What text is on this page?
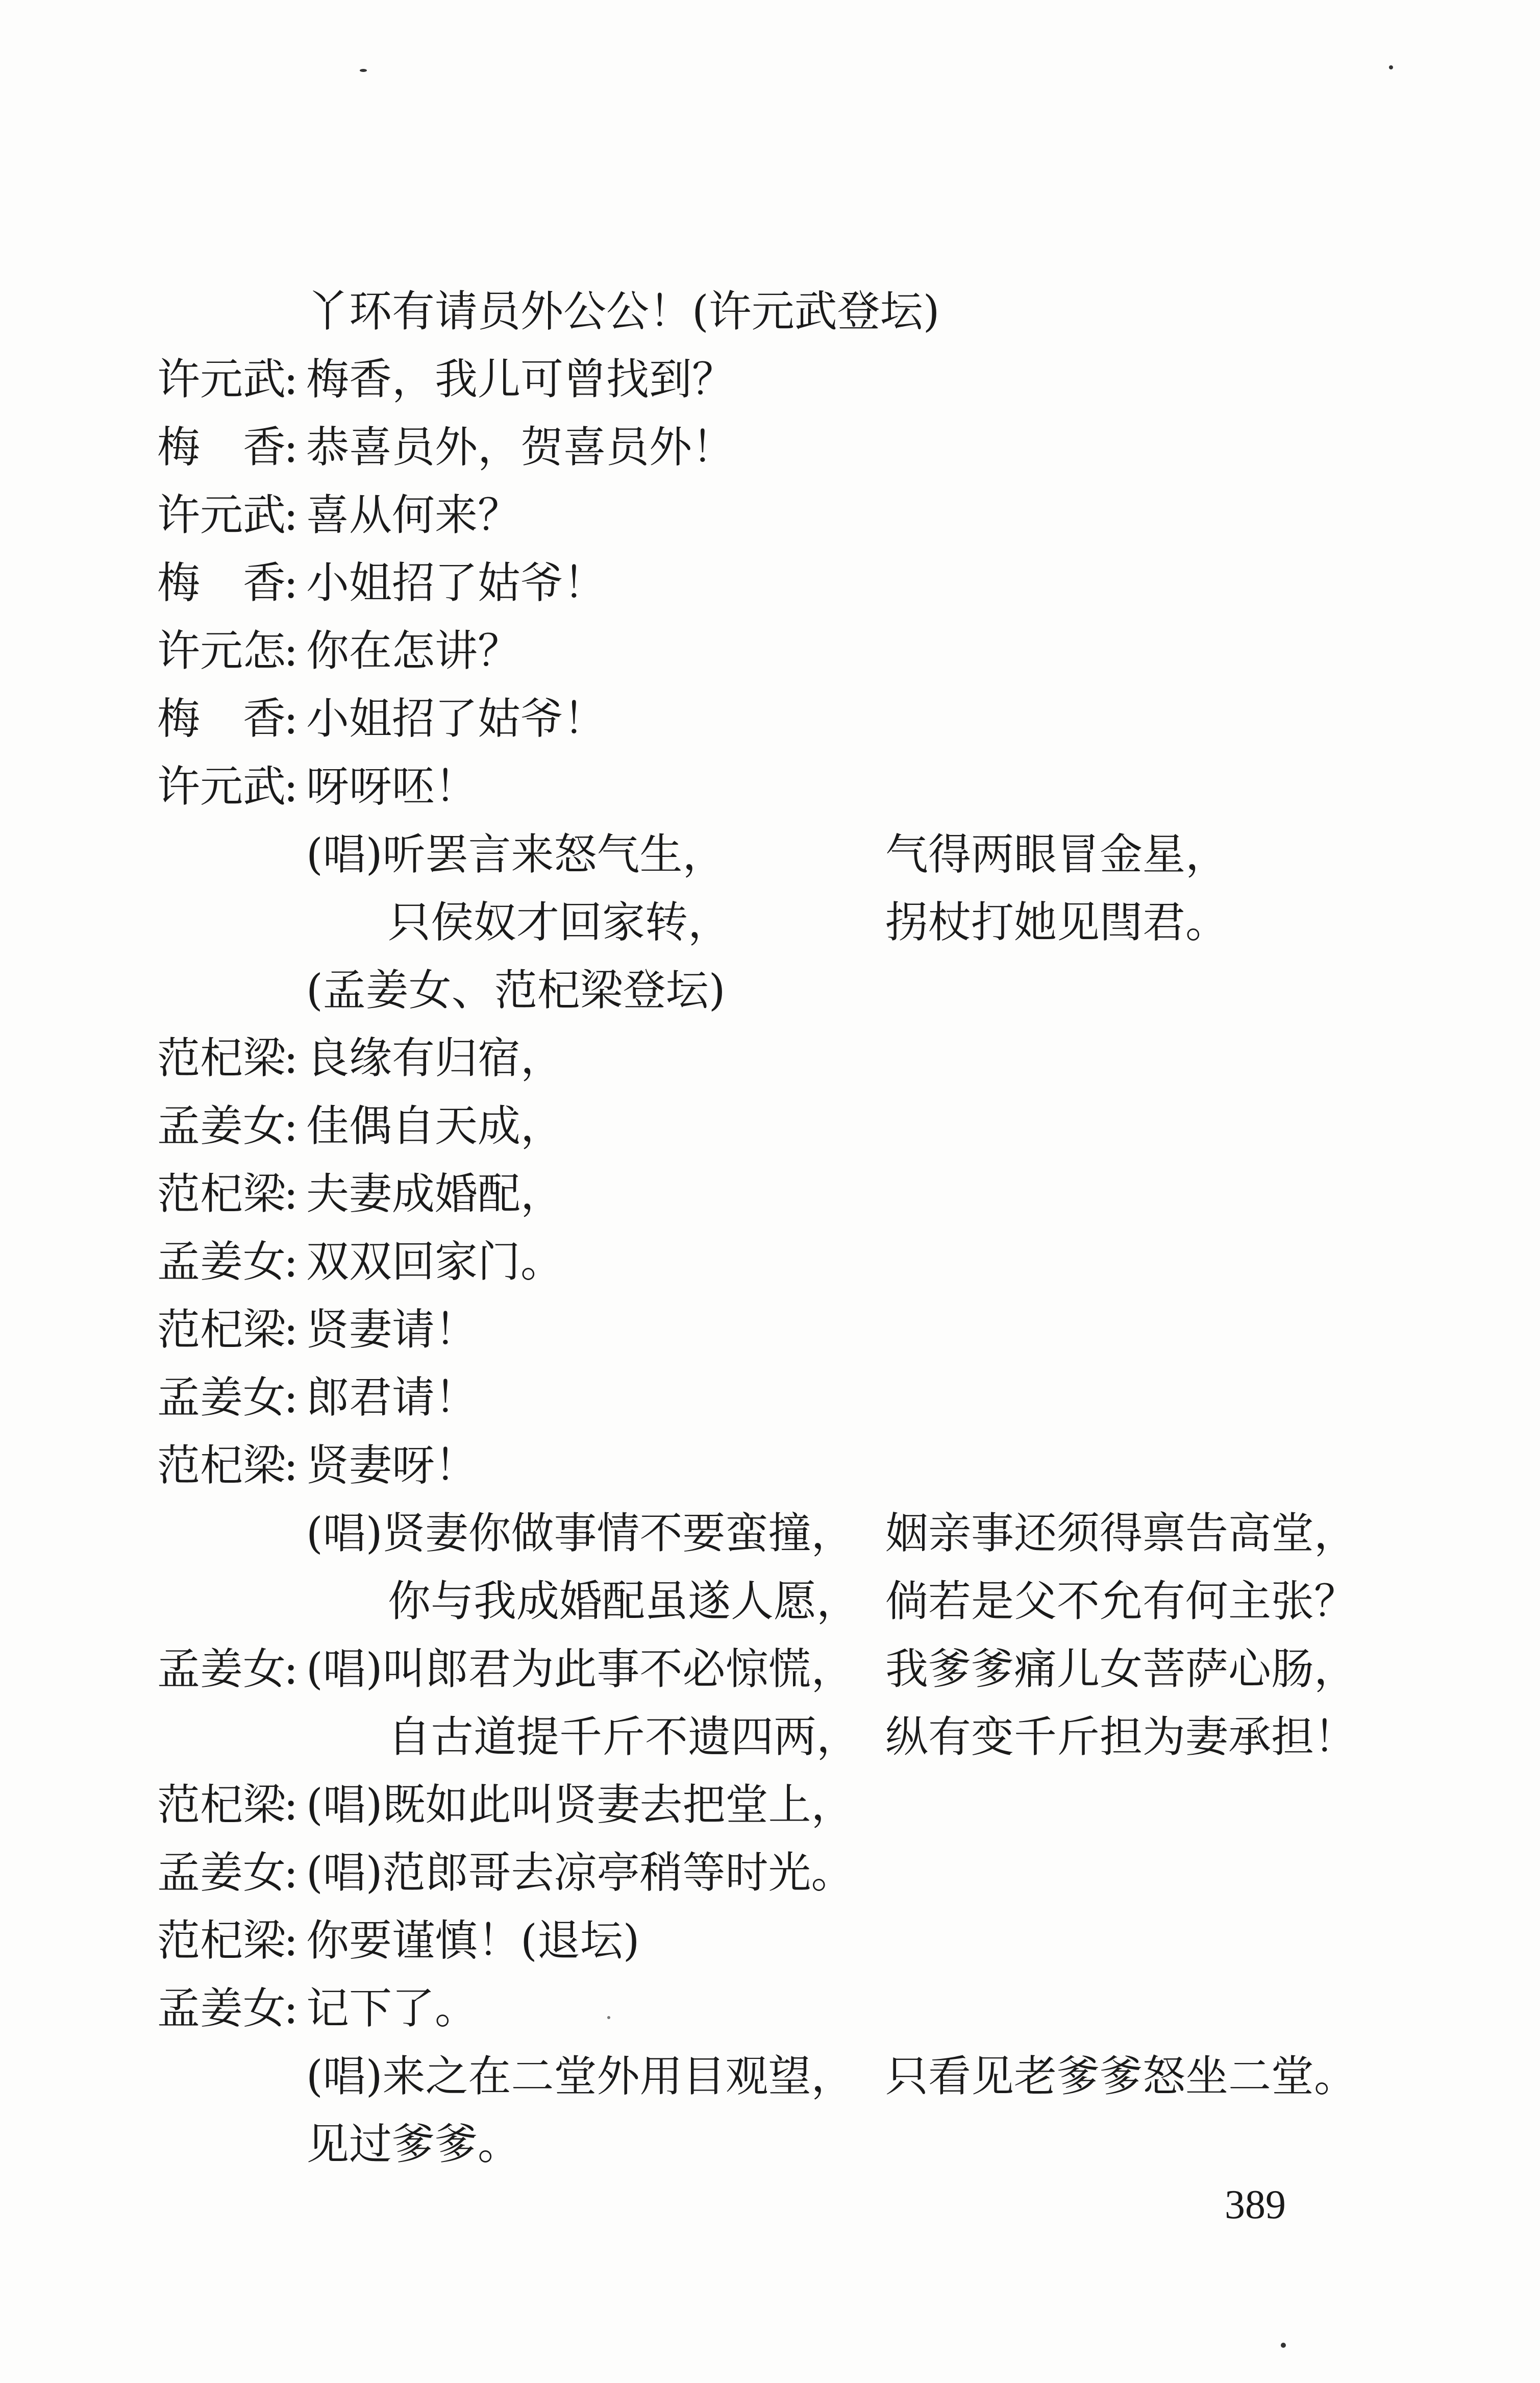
丫环有请员外公公！(许元武登坛)
许元武
: 梅香，我儿可曾找到？
梅　香
: 恭喜员外，贺喜员外！
许元武
: 喜从何来？
梅　香
: 小姐招了姑爷！
许元怎
: 你在怎讲？
梅　香
: 小姐招了姑爷！
许元武
: 呀呀呸！
(唱)听罢言来怒气生，	气得两眼冒金星，
只侯奴才回家转，	拐杖打她见閆君。
(孟姜女、范杞梁登坛)
范杞梁
: 良缘有归宿，
孟姜女
: 佳偶自天成，
范杞梁
: 夫妻成婚配，
孟姜女
: 双双回家门。
范杞梁
: 贤妻请！
孟姜女
: 郎君请！
范杞梁
: 贤妻呀！
(唱)贤妻你做事情不要蛮撞， 姻亲事还须得禀告高堂，
你与我成婚配虽遂人愿， 倘若是父不允有何主张？
孟姜女
: (唱)叫郎君为此事不必惊慌， 我爹爹痛儿女菩萨心肠，
自古道提千斤不遗四两， 纵有变千斤担为妻承担！
范杞梁
: (唱)既如此叫贤妻去把堂上，
孟姜女
: (唱)范郎哥去凉亭稍等时光。
范杞梁
: 你要谨慎！(退坛)
孟姜女
: 记下了。
(唱)来之在二堂外用目观望， 只看见老爹爹怒坐二堂。
见过爹爹。
389
